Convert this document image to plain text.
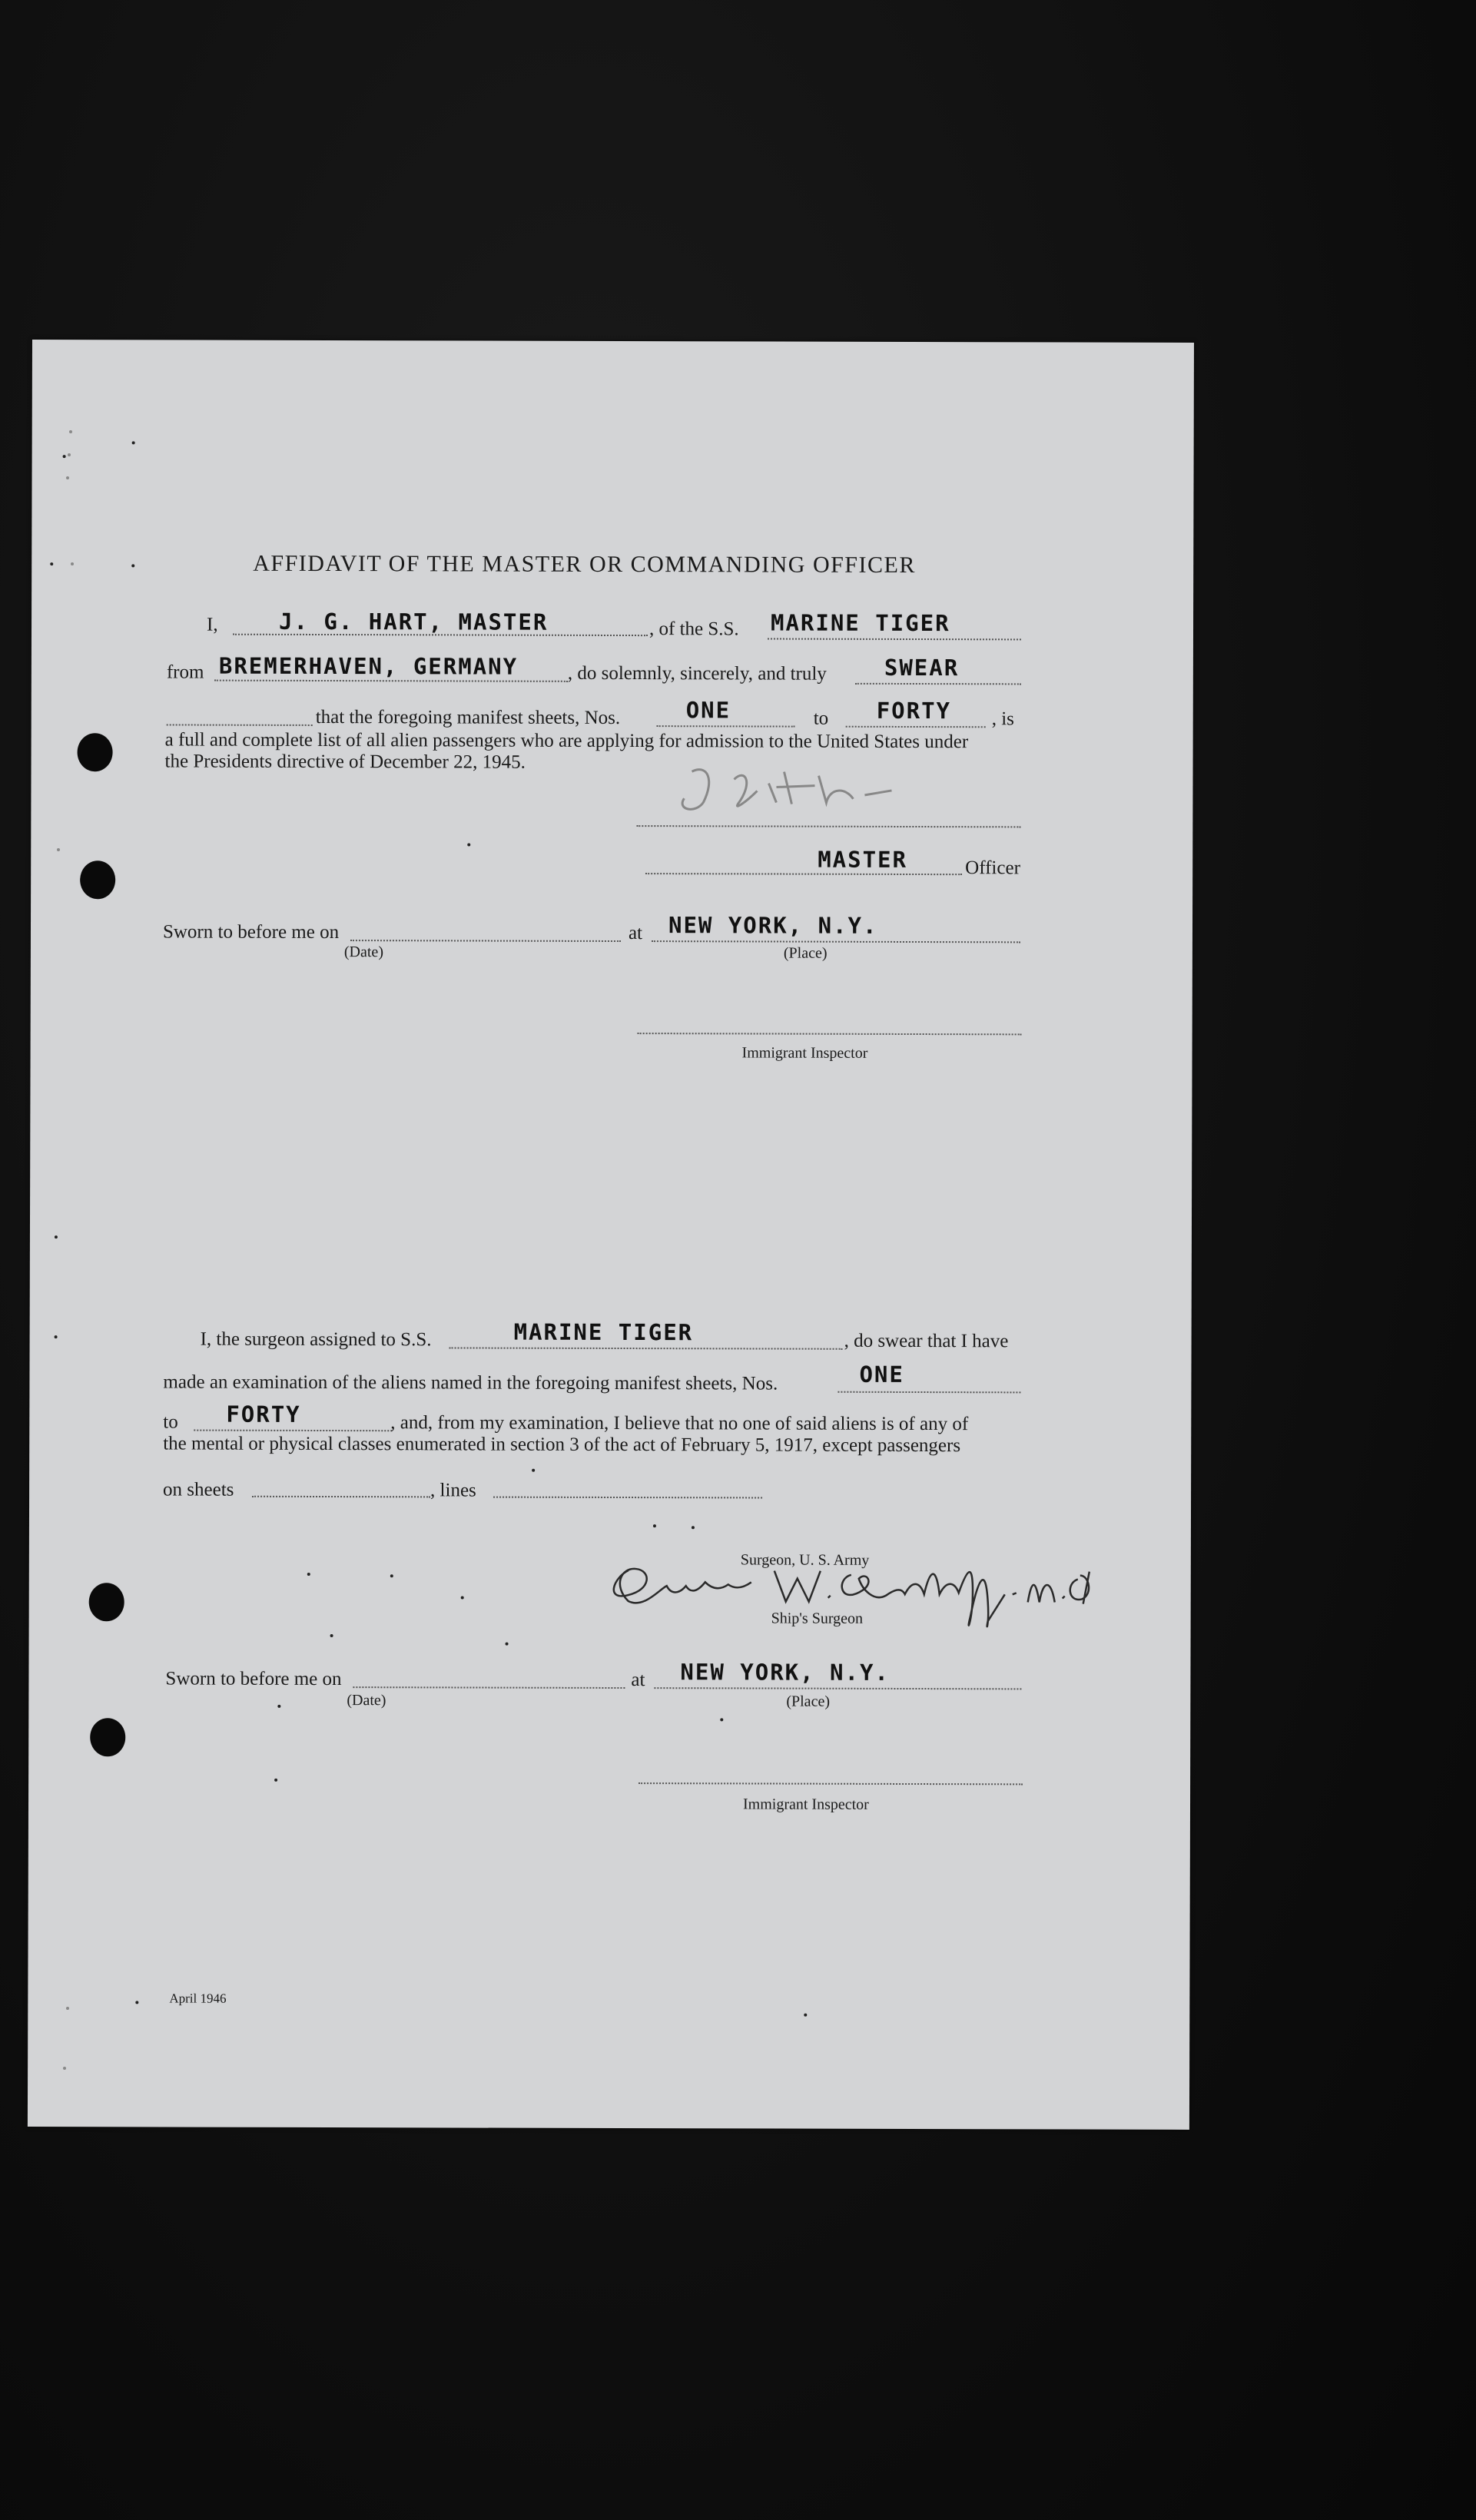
AFFIDAVIT OF THE MASTER OR COMMANDING OFFICER
I,	J. G. HART, MASTER	, of the S.S. MARINE TIGER
from BREMERHAVEN, GERMANY	, do solemnly, sincerely, and truly	SWEAR
that the foregoing manifest sheets, Nos.	ONE	to FORTY , is
a full and complete list of all alien passengers who are applying for admission to the United States under
the Presidents directive of December 22, 1945.
MASTER	Officer
Sworn to before me on
(Date)
at NEW YORK, N.Y.
(Place)
Immigrant Inspector
I, the surgeon assigned to S.S.	MARINE TIGER	, do swear that I have
made an examination of the aliens named in the foregoing manifest sheets, Nos.	ONE
to FORTY	, and, from my examination, I believe that no one of said aliens is of any of
the mental or physical classes enumerated in section 3 of the act of February 5, 1917, except passengers
on sheets	, lines
Surgeon, U. S. Army
Ship's Surgeon
Sworn to before me on
(Date)
at NEW YORK, N.Y.
(Place)
Immigrant Inspector
April 1946
